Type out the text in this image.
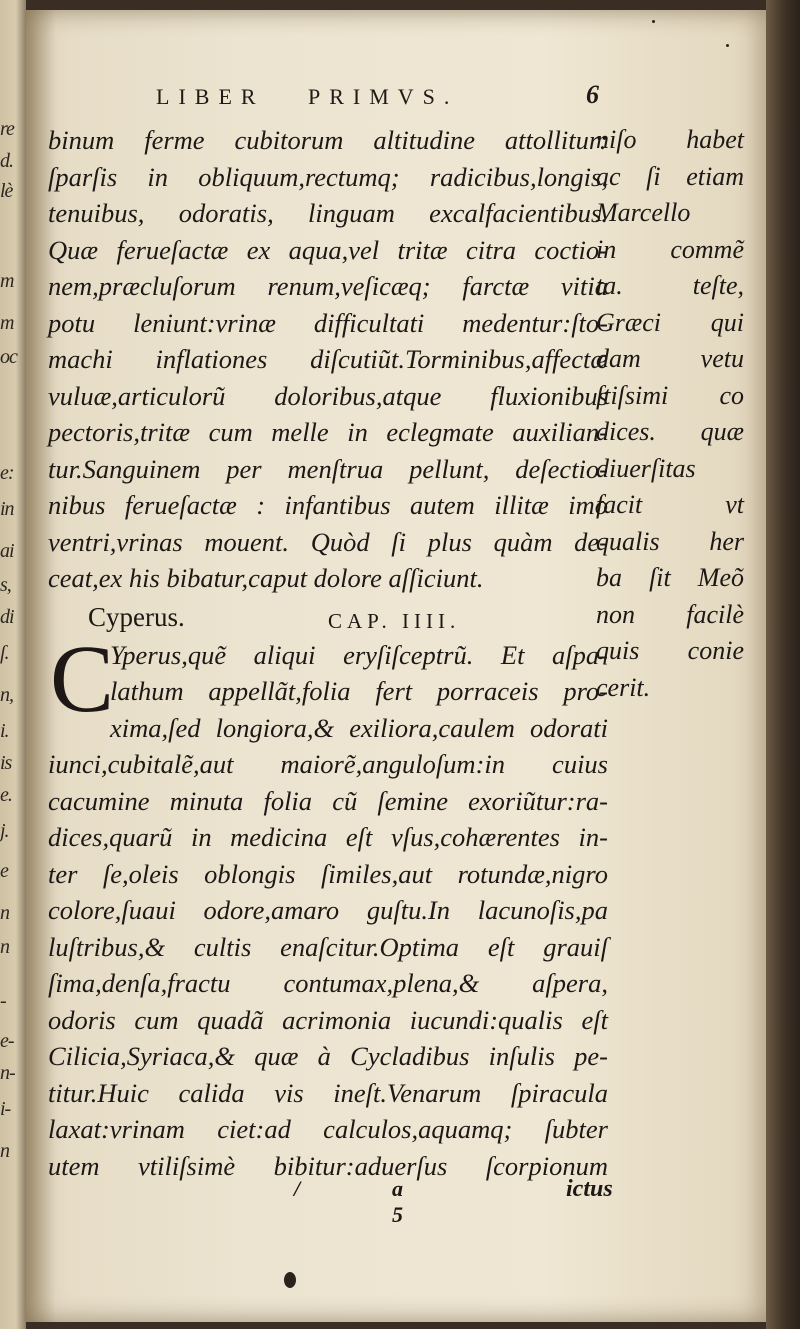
re
d.
lè
m
m
oc
e:
in
ai
s,
di
ſ.
n,
i.
is
e.
j.
e
n
n
-
e-
n-
i-
n
LIBER PRIMVS.	6
binum ferme cubitorum altitudine attollitur:
ſparſis in obliquum,rectumq; radicibus,longis,
tenuibus, odoratis, linguam excalfacientibus.
Quæ ferueſactæ ex aqua,vel tritæ citra coctio-
nem,præcluſorum renum,veſicæq; farctæ vitia
potu leniunt:vrinæ difficultati medentur:ſto-
machi inflationes diſcutiũt.Torminibus,affectæ
vuluæ,articulorũ doloribus,atque fluxionibus
pectoris,tritæ cum melle in eclegmate auxilian-
tur.Sanguinem per menſtrua pellunt, deſectio-
nibus ferueſactæ : infantibus autem illitæ imo
ventri,vrinas mouent. Quòd ſi plus quàm de-
ceat,ex his bibatur,caput dolore aſſiciunt.
Cyperus.	CAP. IIII.
C
Yperus,quẽ aliqui eryſiſceptrũ. Et aſpa-
lathum appellãt,folia fert porraceis pro-
xima,ſed longiora,& exiliora,caulem odorati
iunci,cubitalẽ,aut maiorẽ,anguloſum:in cuius
cacumine minuta folia cũ ſemine exoriũtur:ra-
dices,quarũ in medicina eſt vſus,cohærentes in-
ter ſe,oleis oblongis ſimiles,aut rotundæ,nigro
colore,ſuaui odore,amaro guſtu.In lacunoſis,pa
luſtribus,& cultis enaſcitur.Optima eſt grauiſ
ſima,denſa,fractu contumax,plena,& aſpera,
odoris cum quadã acrimonia iucundi:qualis eſt
Cilicia,Syriaca,& quæ à Cycladibus inſulis pe-
titur.Huic calida vis ineſt.Venarum ſpiracula
laxat:vrinam ciet:ad calculos,aquamq; ſubter
utem vtiliſsimè bibitur:aduerſus ſcorpionum
niſo habet
ac ſi etiam
Marcello
in commẽ
ta. teſte,
Græci qui
dam vetu
ſtiſsimi co
dices. quæ
diuerſitas
facit vt
qualis her
ba ſit Meõ
non facilè
quis conie
cerit.
/	a 5
ictus
